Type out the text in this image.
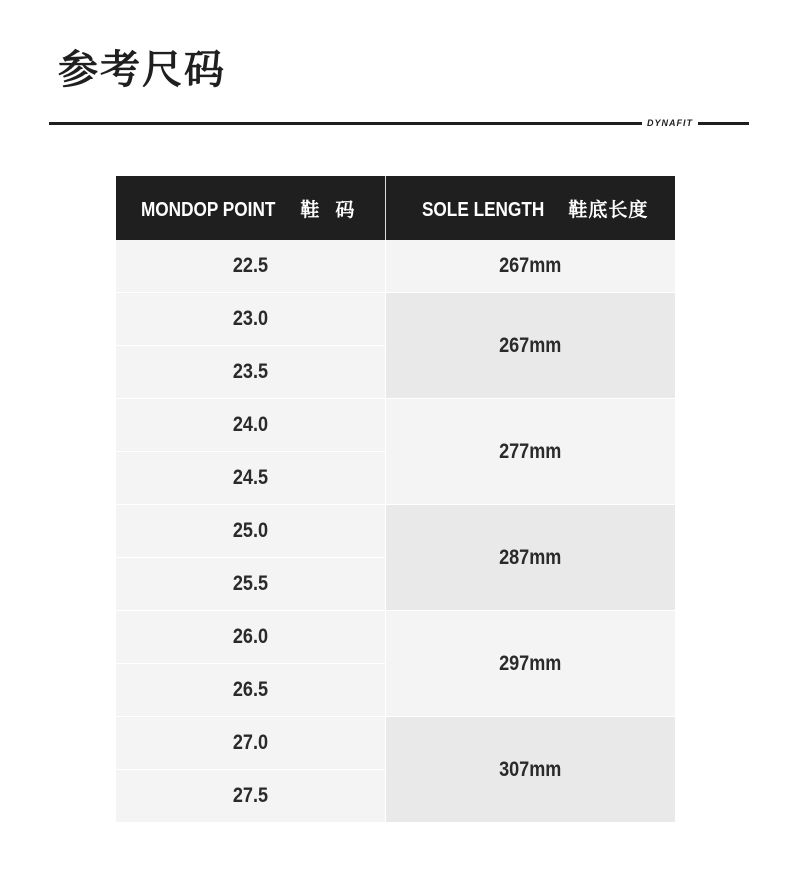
参考尺码
DYNAFIT
MONDOP POINT 鞋码	SOLE LENGTH 鞋底长度
22.5	267mm
23.0	267mm
23.5	
24.0	277mm
24.5	
25.0	287mm
25.5	
26.0	297mm
26.5	
27.0	307mm
27.5	
